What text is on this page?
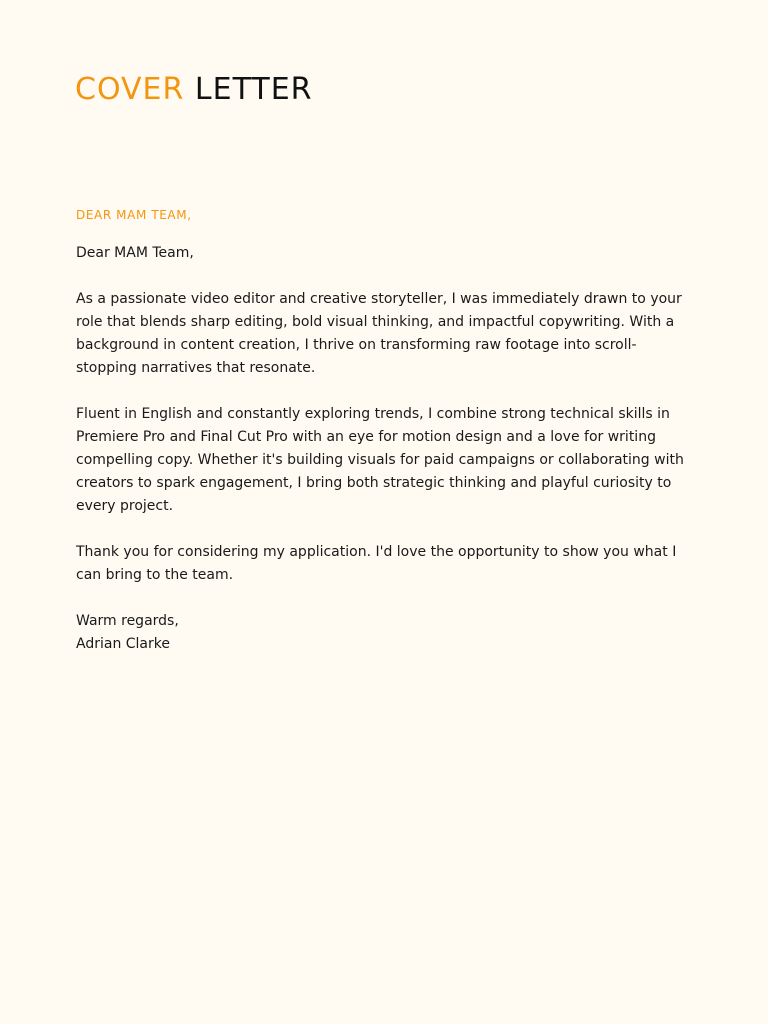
COVER LETTER
DEAR MAM TEAM,

Dear MAM Team,

As a passionate video editor and creative storyteller, I was immediately drawn to your role that blends sharp editing, bold visual thinking, and impactful copywriting. With a background in content creation, I thrive on transforming raw footage into scroll-stopping narratives that resonate.

Fluent in English and constantly exploring trends, I combine strong technical skills in Premiere Pro and Final Cut Pro with an eye for motion design and a love for writing compelling copy. Whether it's building visuals for paid campaigns or collaborating with creators to spark engagement, I bring both strategic thinking and playful curiosity to every project.

Thank you for considering my application. I'd love the opportunity to show you what I can bring to the team.

Warm regards,

Adrian Clarke
